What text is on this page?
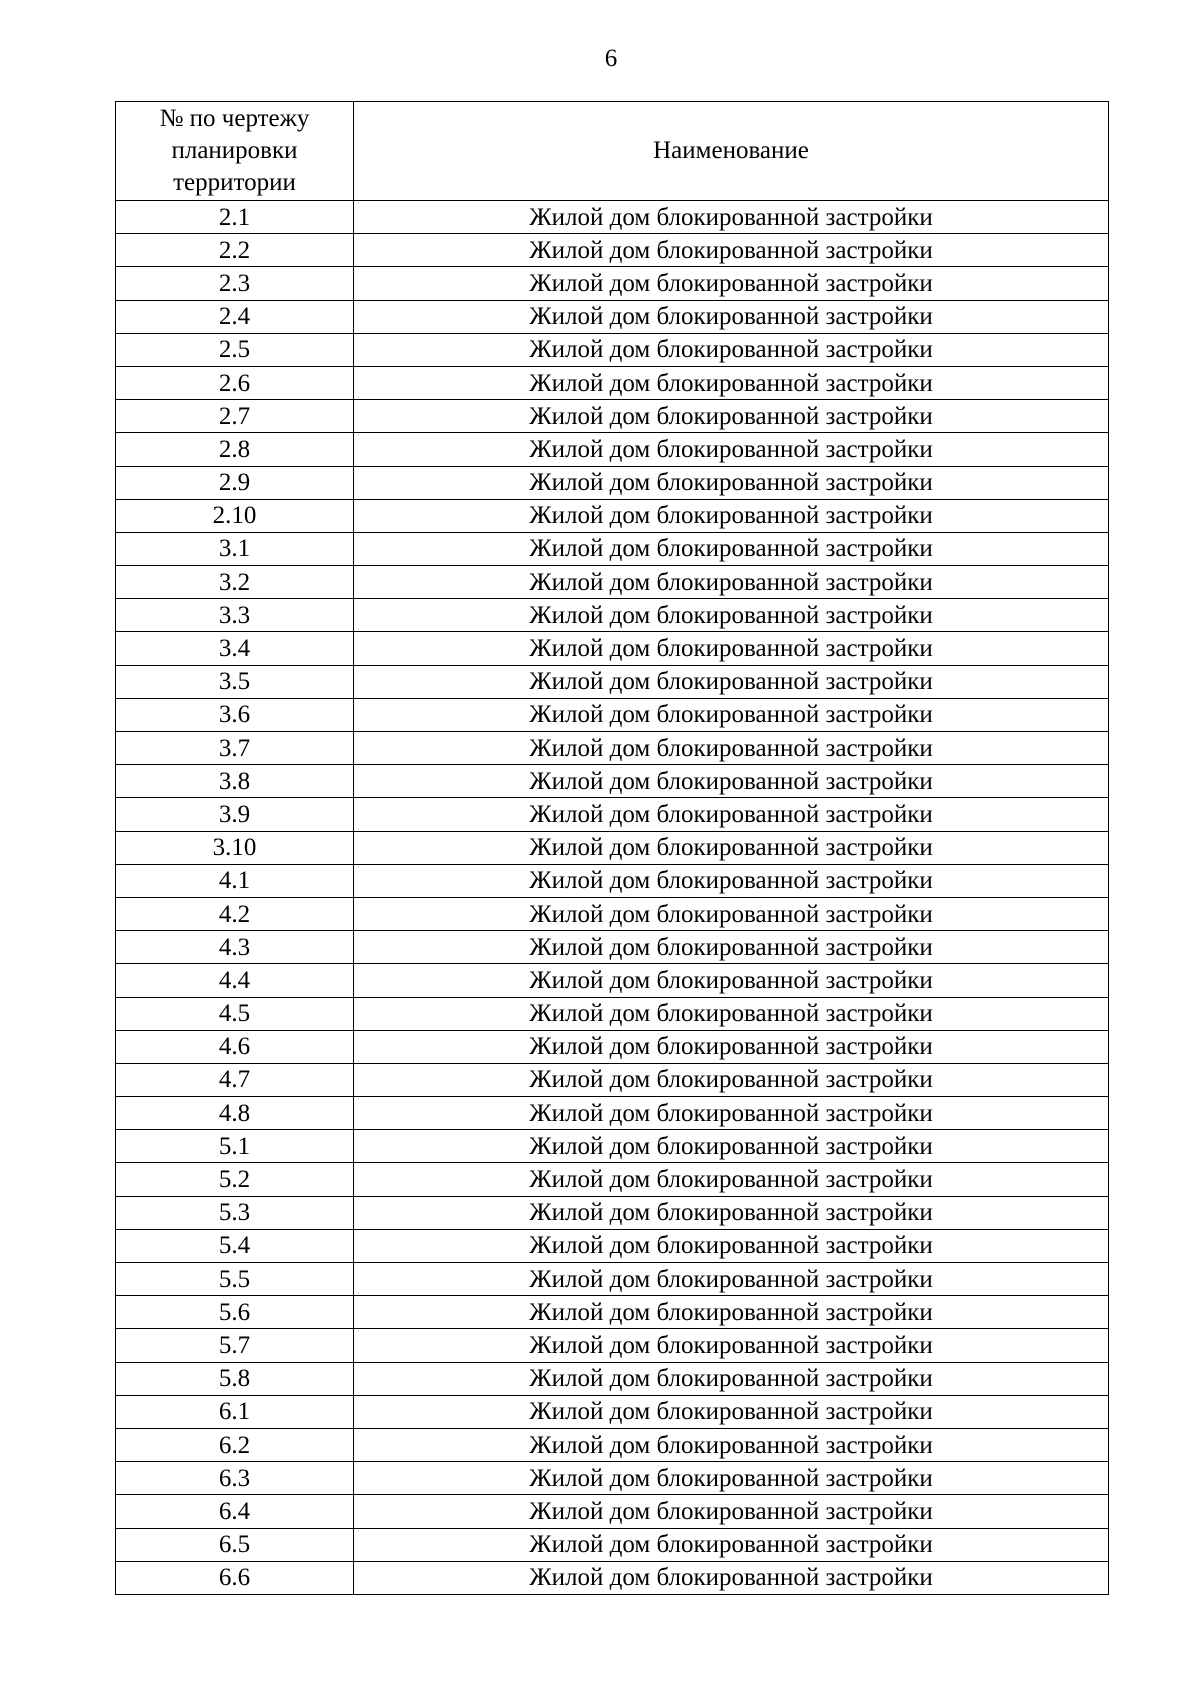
6
№ по чертежу
планировки
территории	Наименование
2.1	Жилой дом блокированной застройки
2.2	Жилой дом блокированной застройки
2.3	Жилой дом блокированной застройки
2.4	Жилой дом блокированной застройки
2.5	Жилой дом блокированной застройки
2.6	Жилой дом блокированной застройки
2.7	Жилой дом блокированной застройки
2.8	Жилой дом блокированной застройки
2.9	Жилой дом блокированной застройки
2.10	Жилой дом блокированной застройки
3.1	Жилой дом блокированной застройки
3.2	Жилой дом блокированной застройки
3.3	Жилой дом блокированной застройки
3.4	Жилой дом блокированной застройки
3.5	Жилой дом блокированной застройки
3.6	Жилой дом блокированной застройки
3.7	Жилой дом блокированной застройки
3.8	Жилой дом блокированной застройки
3.9	Жилой дом блокированной застройки
3.10	Жилой дом блокированной застройки
4.1	Жилой дом блокированной застройки
4.2	Жилой дом блокированной застройки
4.3	Жилой дом блокированной застройки
4.4	Жилой дом блокированной застройки
4.5	Жилой дом блокированной застройки
4.6	Жилой дом блокированной застройки
4.7	Жилой дом блокированной застройки
4.8	Жилой дом блокированной застройки
5.1	Жилой дом блокированной застройки
5.2	Жилой дом блокированной застройки
5.3	Жилой дом блокированной застройки
5.4	Жилой дом блокированной застройки
5.5	Жилой дом блокированной застройки
5.6	Жилой дом блокированной застройки
5.7	Жилой дом блокированной застройки
5.8	Жилой дом блокированной застройки
6.1	Жилой дом блокированной застройки
6.2	Жилой дом блокированной застройки
6.3	Жилой дом блокированной застройки
6.4	Жилой дом блокированной застройки
6.5	Жилой дом блокированной застройки
6.6	Жилой дом блокированной застройки
